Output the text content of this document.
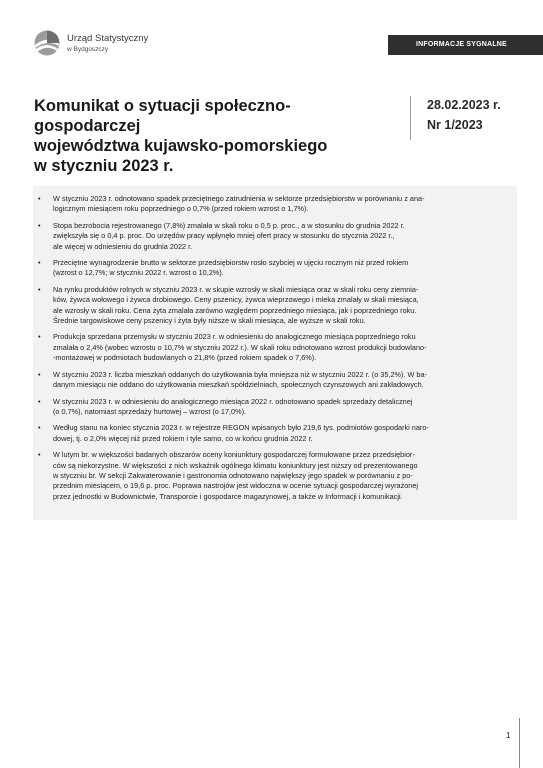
Urząd Statystyczny
w Bydgoszczy
INFORMACJE SYGNALNE
Komunikat o sytuacji społeczno-gospodarczej
województwa kujawsko-pomorskiego
w styczniu 2023 r.
28.02.2023 r.
Nr 1/2023
• W styczniu 2023 r. odnotowano spadek przeciętnego zatrudnienia w sektorze przedsiębiorstw w porównaniu z ana-
logicznym miesiącem roku poprzedniego o 0,7% (przed rokiem wzrost o 1,7%).
• Stopa bezrobocia rejestrowanego (7,8%) zmalała w skali roku o 0,5 p. proc., a w stosunku do grudnia 2022 r.
zwiększyła się o 0,4 p. proc. Do urzędów pracy wpłynęło mniej ofert pracy w stosunku do stycznia 2022 r.,
ale więcej w odniesieniu do grudnia 2022 r.
• Przeciętne wynagrodzenie brutto w sektorze przedsiębiorstw rosło szybciej w ujęciu rocznym niż przed rokiem
(wzrost o 12,7%; w styczniu 2022 r. wzrost o 10,2%).
• Na rynku produktów rolnych w styczniu 2023 r. w skupie wzrosły w skali miesiąca oraz w skali roku ceny ziemnia-
ków, żywca wołowego i żywca drobiowego. Ceny pszenicy, żywca wieprzowego i mleka zmalały w skali miesiąca,
ale wzrosły w skali roku. Cena żyta zmalała zarówno względem poprzedniego miesiąca, jak i poprzedniego roku.
Średnie targowiskowe ceny pszenicy i żyta były niższe w skali miesiąca, ale wyższe w skali roku.
• Produkcja sprzedana przemysłu w styczniu 2023 r. w odniesieniu do analogicznego miesiąca poprzedniego roku
zmalała o 2,4% (wobec wzrostu o 10,7% w styczniu 2022 r.). W skali roku odnotowano wzrost produkcji budowlano-
-montażowej w podmiotach budowlanych o 21,8% (przed rokiem spadek o 7,6%).
• W styczniu 2023 r. liczba mieszkań oddanych do użytkowania była mniejsza niż w styczniu 2022 r. (o 35,2%). W ba-
danym miesiącu nie oddano do użytkowania mieszkań spółdzielniach, społecznych czynszowych ani zakładowych.
• W styczniu 2023 r. w odniesieniu do analogicznego miesiąca 2022 r. odnotowano spadek sprzedaży detalicznej
(o 0,7%), natomiast sprzedaży hurtowej – wzrost (o 17,0%).
• Według stanu na koniec stycznia 2023 r. w rejestrze REGON wpisanych było 219,6 tys. podmiotów gospodarki naro-
dowej, tj. o 2,0% więcej niż przed rokiem i tyle samo, co w końcu grudnia 2022 r.
• W lutym br. w większości badanych obszarów oceny koniunktury gospodarczej formułowane przez przedsiębior-
ców są niekorzystne. W większości z nich wskaźnik ogólnego klimatu koniunktury jest niższy od prezentowanego
w styczniu br. W sekcji Zakwaterowanie i gastronomia odnotowano największy jego spadek w porównaniu z po-
przednim miesiącem, o 19,6 p. proc. Poprawa nastrojów jest widoczna w ocenie sytuacji gospodarczej wyrażonej
przez jednostki w Budownictwie, Transporcie i gospodarce magazynowej, a także w Informacji i komunikacji.
1
